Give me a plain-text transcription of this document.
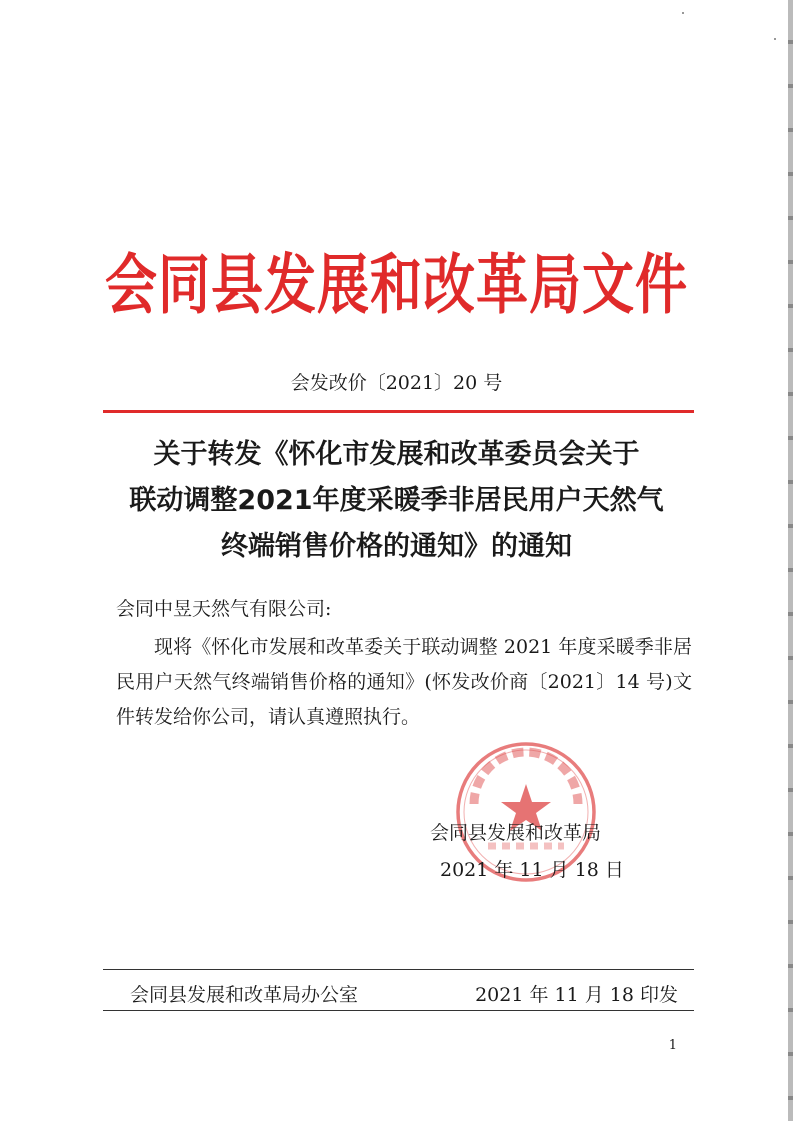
会同县发展和改革局文件
会发改价〔2021〕20 号
关于转发《怀化市发展和改革委员会关于
联动调整2021年度采暖季非居民用户天然气
终端销售价格的通知》的通知
会同中昱天然气有限公司:

现将《怀化市发展和改革委关于联动调整 2021 年度采暖季非居民用户天然气终端销售价格的通知》(怀发改价商〔2021〕14 号)文件转发给你公司，请认真遵照执行。

会同县发展和改革局
2021 年 11 月 18 日
会同县发展和改革局办公室	2021 年 11 月 18 印发
1
